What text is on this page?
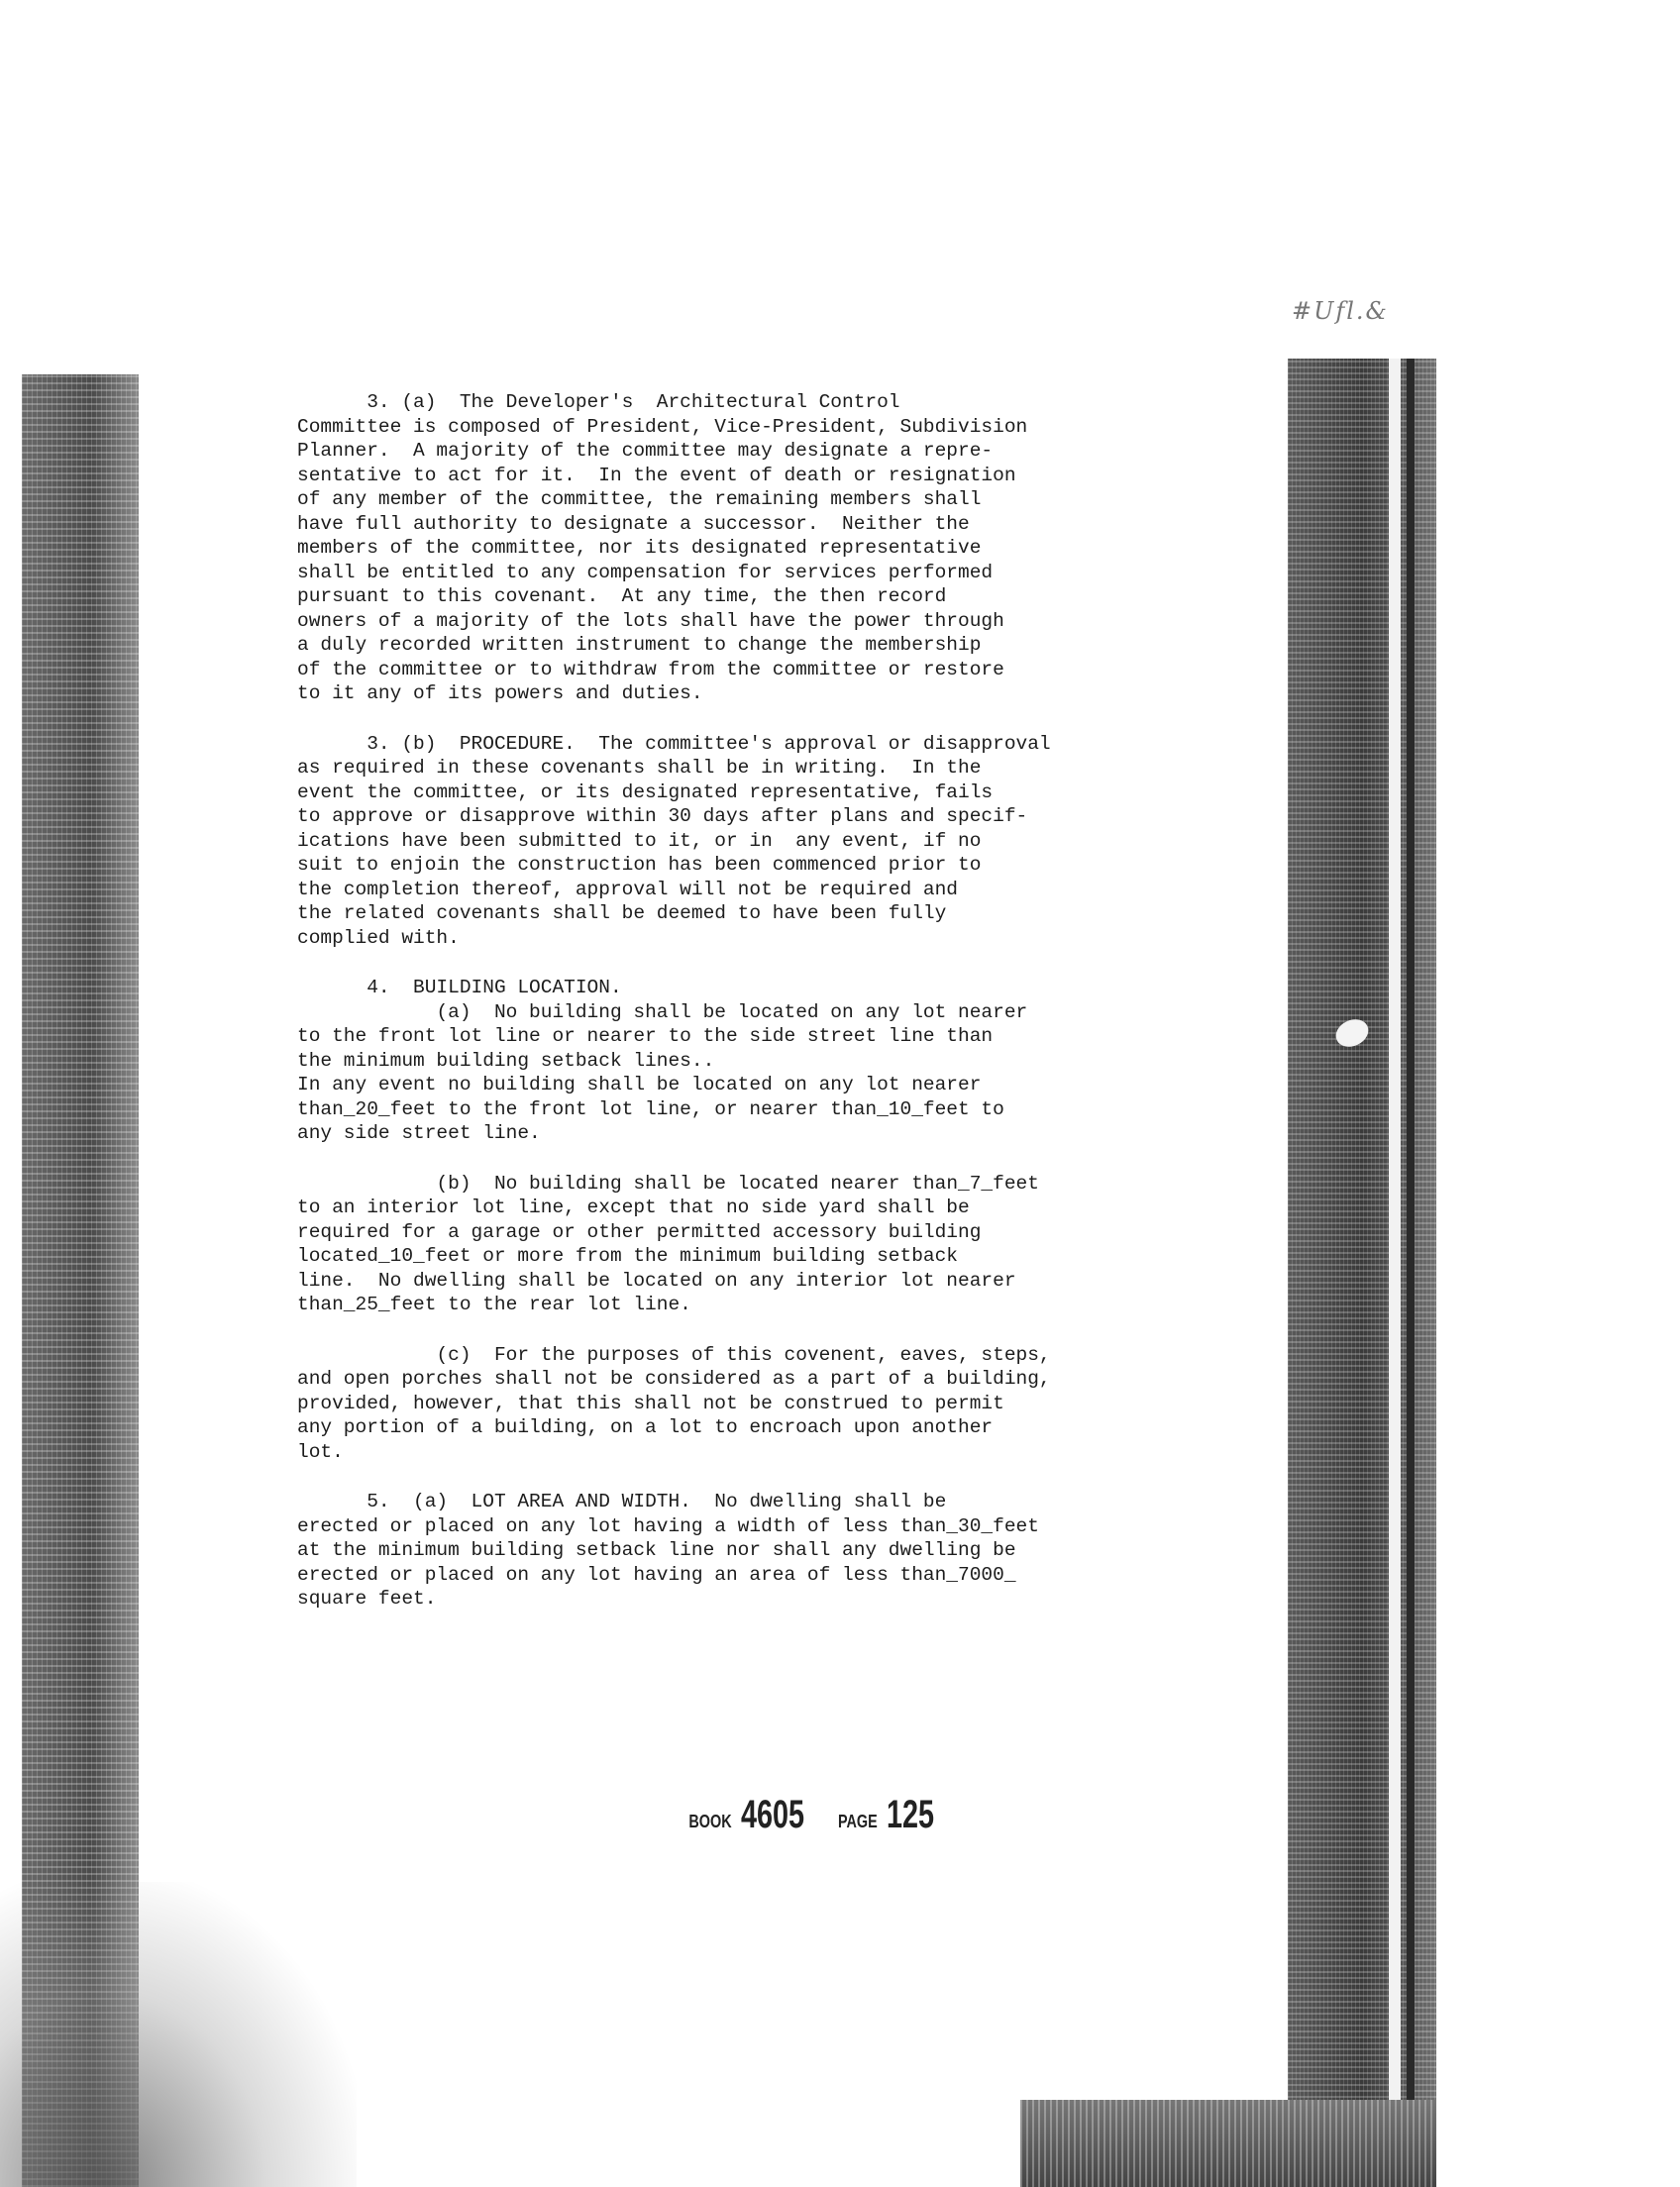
#Ufl.&

3. (a)  The Developer's  Architectural Control
Committee is composed of President, Vice-President, Subdivision
Planner.  A majority of the committee may designate a repre-
sentative to act for it.  In the event of death or resignation
of any member of the committee, the remaining members shall
have full authority to designate a successor.  Neither the
members of the committee, nor its designated representative
shall be entitled to any compensation for services performed
pursuant to this covenant.  At any time, the then record
owners of a majority of the lots shall have the power through
a duly recorded written instrument to change the membership
of the committee or to withdraw from the committee or restore
to it any of its powers and duties.

3. (b)  PROCEDURE.  The committee's approval or disapproval
as required in these covenants shall be in writing.  In the
event the committee, or its designated representative, fails
to approve or disapprove within 30 days after plans and specif-
ications have been submitted to it, or in  any event, if no
suit to enjoin the construction has been commenced prior to
the completion thereof, approval will not be required and
the related covenants shall be deemed to have been fully
complied with.

4.  BUILDING LOCATION.
(a)  No building shall be located on any lot nearer
to the front lot line or nearer to the side street line than
the minimum building setback lines..
In any event no building shall be located on any lot nearer
than_20_feet to the front lot line, or nearer than_10_feet to
any side street line.

(b)  No building shall be located nearer than_7_feet
to an interior lot line, except that no side yard shall be
required for a garage or other permitted accessory building
located_10_feet or more from the minimum building setback
line.  No dwelling shall be located on any interior lot nearer
than_25_feet to the rear lot line.

(c)  For the purposes of this covenent, eaves, steps,
and open porches shall not be considered as a part of a building,
provided, however, that this shall not be construed to permit
any portion of a building, on a lot to encroach upon another
lot.

5.  (a)  LOT AREA AND WIDTH.  No dwelling shall be
erected or placed on any lot having a width of less than_30_feet
at the minimum building setback line nor shall any dwelling be
erected or placed on any lot having an area of less than_7000_
square feet.

BOOK 4605 PAGE 125
